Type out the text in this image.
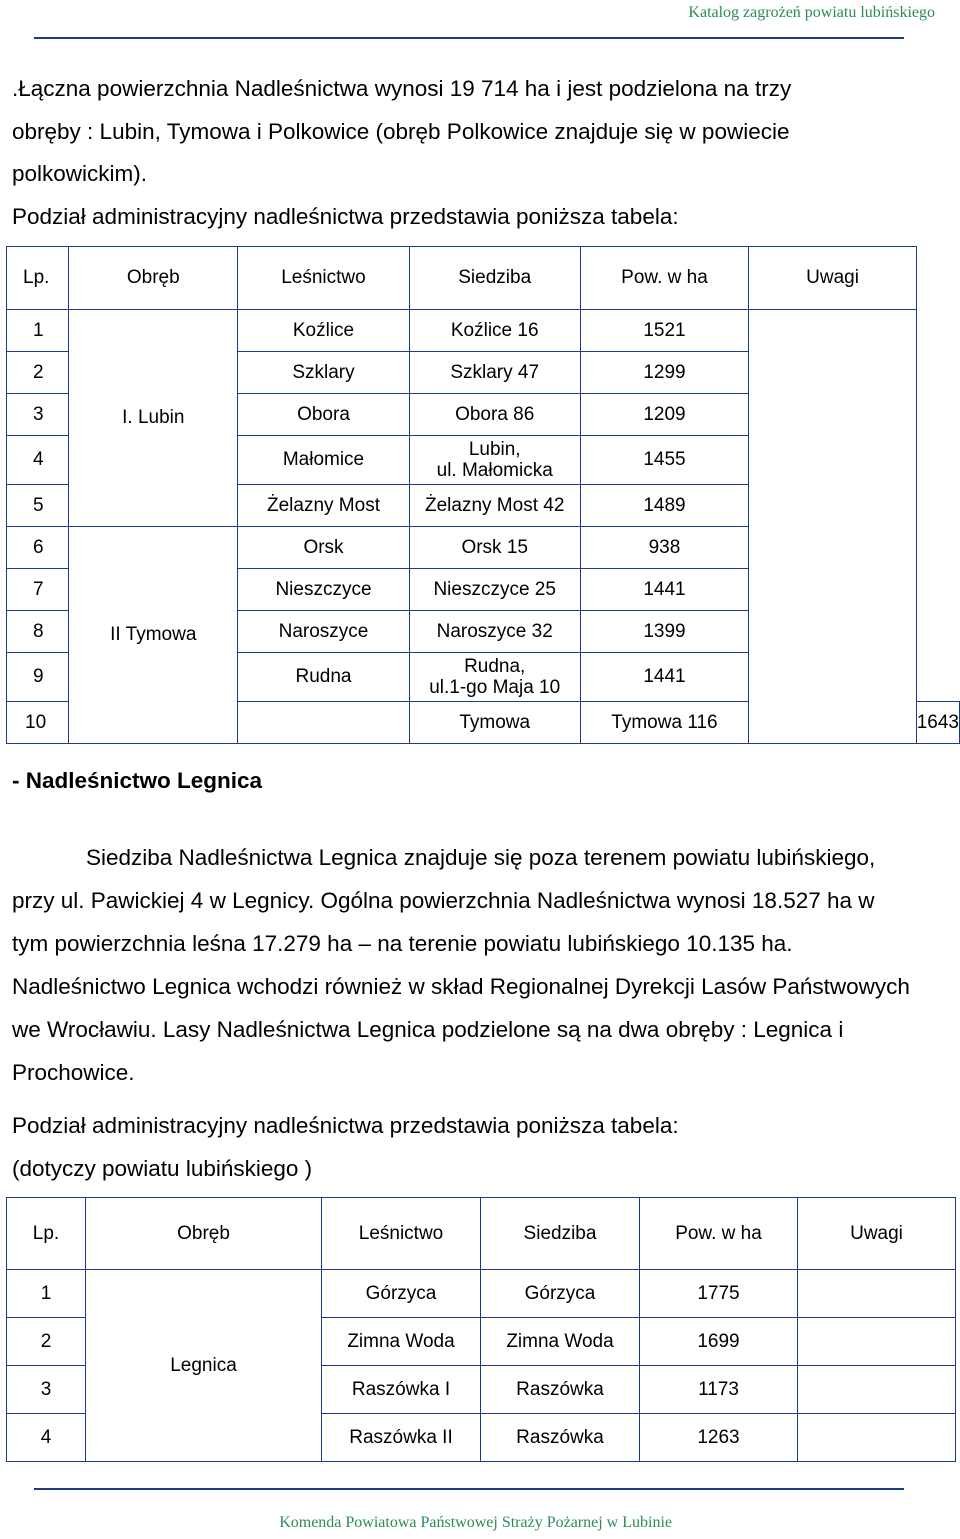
Katalog zagrożeń powiatu lubińskiego
.Łączna powierzchnia Nadleśnictwa wynosi 19 714 ha i jest podzielona na trzy
obręby : Lubin, Tymowa i Polkowice (obręb Polkowice znajduje się w powiecie
polkowickim).
Podział administracyjny nadleśnictwa przedstawia poniższa tabela:
Lp.	Obręb	Leśnictwo	Siedziba	Pow. w ha	Uwagi	
1	I. Lubin	Koźlice	Koźlice 16	1521		
2		Szklary	Szklary 47	1299		
3		Obora	Obora 86	1209		
4		Małomice	Lubin,
ul. Małomicka	1455		
5		Żelazny Most	Żelazny Most 42	1489		
6	II Tymowa	Orsk	Orsk 15	938		
7		Nieszczyce	Nieszczyce 25	1441		
8		Naroszyce	Naroszyce 32	1399		
9		Rudna	Rudna,
ul.1-go Maja 10	1441		
10			Tymowa	Tymowa 116		1643
- Nadleśnictwo Legnica

Siedziba Nadleśnictwa Legnica znajduje się poza terenem powiatu lubińskiego, przy ul. Pawickiej 4 w Legnicy. Ogólna powierzchnia Nadleśnictwa wynosi 18.527 ha w tym powierzchnia leśna 17.279 ha – na terenie powiatu lubińskiego 10.135 ha. Nadleśnictwo Legnica wchodzi również w skład Regionalnej Dyrekcji Lasów Państwowych we Wrocławiu. Lasy Nadleśnictwa Legnica podzielone są na dwa obręby : Legnica i Prochowice.

Podział administracyjny nadleśnictwa przedstawia poniższa tabela:
(dotyczy powiatu lubińskiego )
Lp.	Obręb	Leśnictwo	Siedziba	Pow. w ha	Uwagi
1	Legnica	Górzyca	Górzyca	1775	
2		Zimna Woda	Zimna Woda	1699	
3		Raszówka I	Raszówka	1173	
4		Raszówka II	Raszówka	1263	
Komenda Powiatowa Państwowej Straży Pożarnej w Lubinie
